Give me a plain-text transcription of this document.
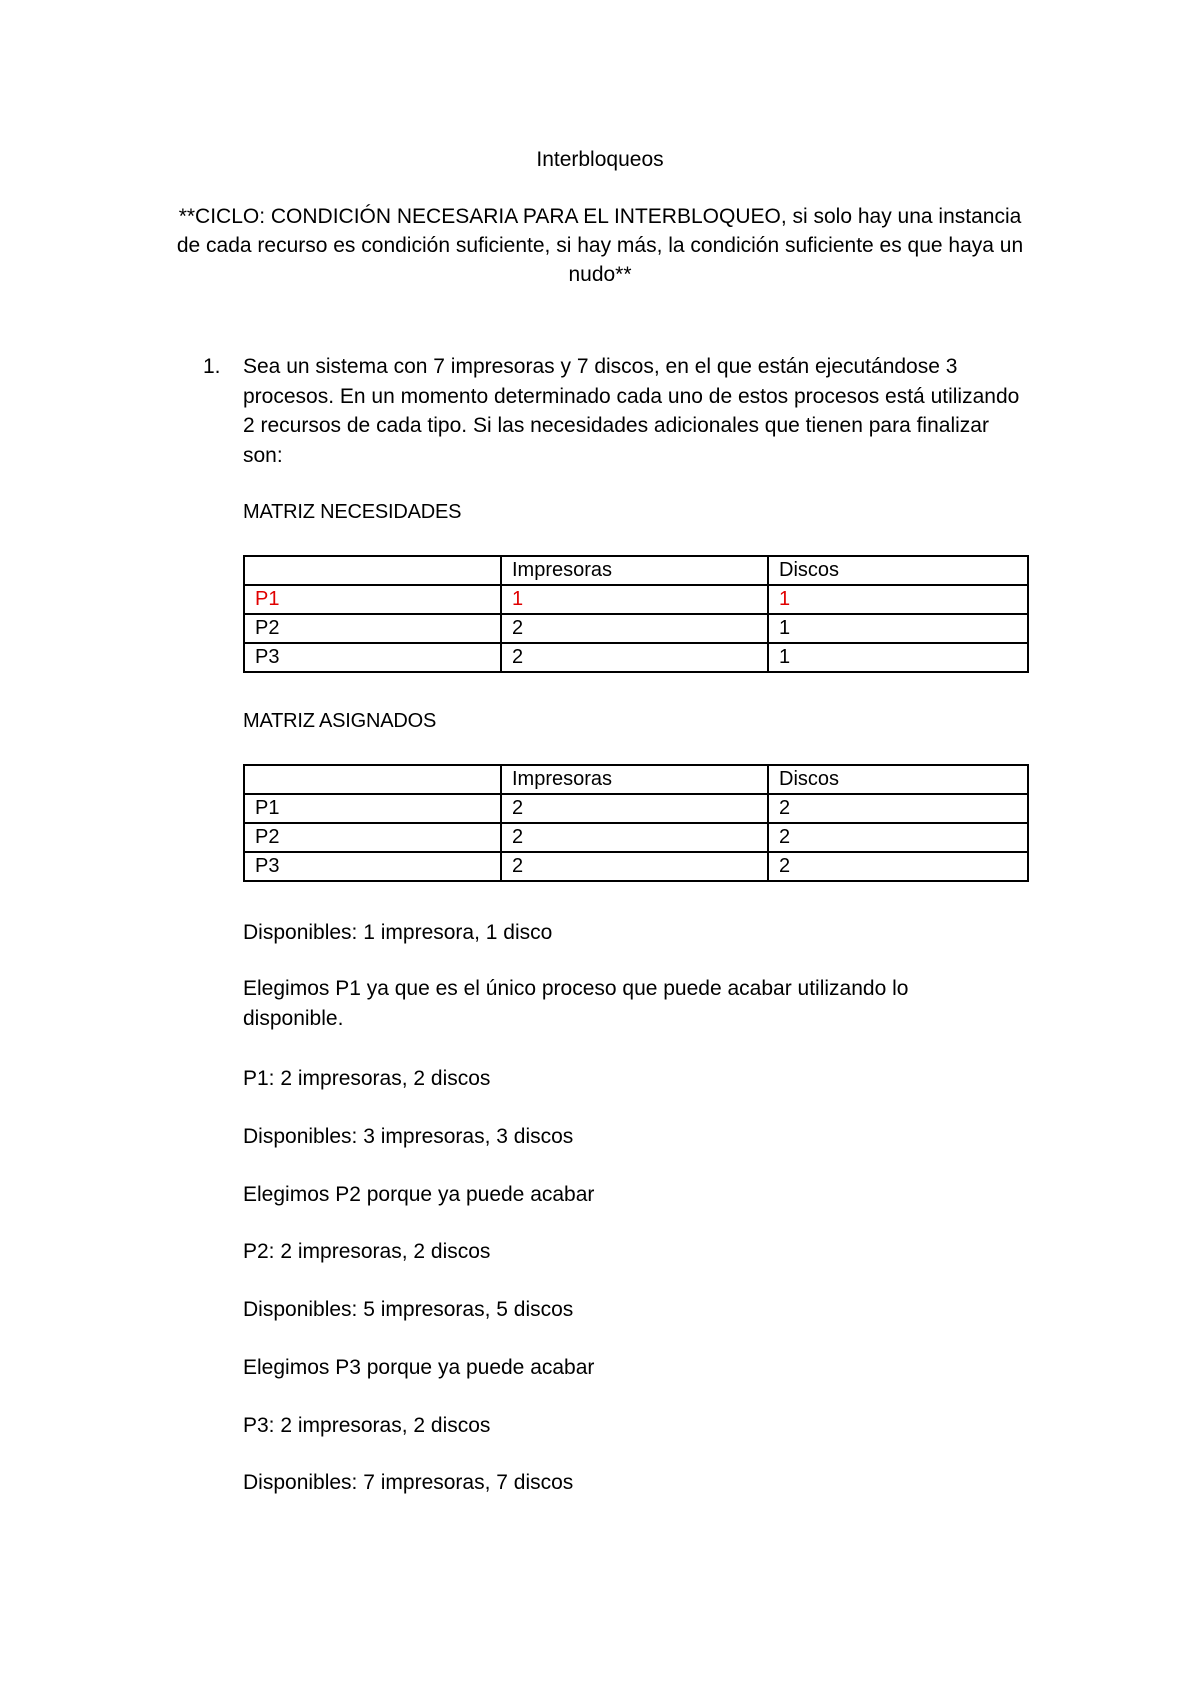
Interbloqueos
**CICLO: CONDICIÓN NECESARIA PARA EL INTERBLOQUEO, si solo hay una instancia de cada recurso es condición suficiente, si hay más, la condición suficiente es que haya un nudo**
1. Sea un sistema con 7 impresoras y 7 discos, en el que están ejecutándose 3 procesos. En un momento determinado cada uno de estos procesos está utilizando 2 recursos de cada tipo. Si las necesidades adicionales que tienen para finalizar son:
MATRIZ NECESIDADES
	Impresoras	Discos
P1	1	1
P2	2	1
P3	2	1
MATRIZ ASIGNADOS
	Impresoras	Discos
P1	2	2
P2	2	2
P3	2	2
Disponibles: 1 impresora, 1 disco
Elegimos P1 ya que es el único proceso que puede acabar utilizando lo disponible.
P1: 2 impresoras, 2 discos
Disponibles: 3 impresoras, 3 discos
Elegimos P2 porque ya puede acabar
P2: 2 impresoras, 2 discos
Disponibles: 5 impresoras, 5 discos
Elegimos P3 porque ya puede acabar
P3: 2 impresoras, 2 discos
Disponibles: 7 impresoras, 7 discos
